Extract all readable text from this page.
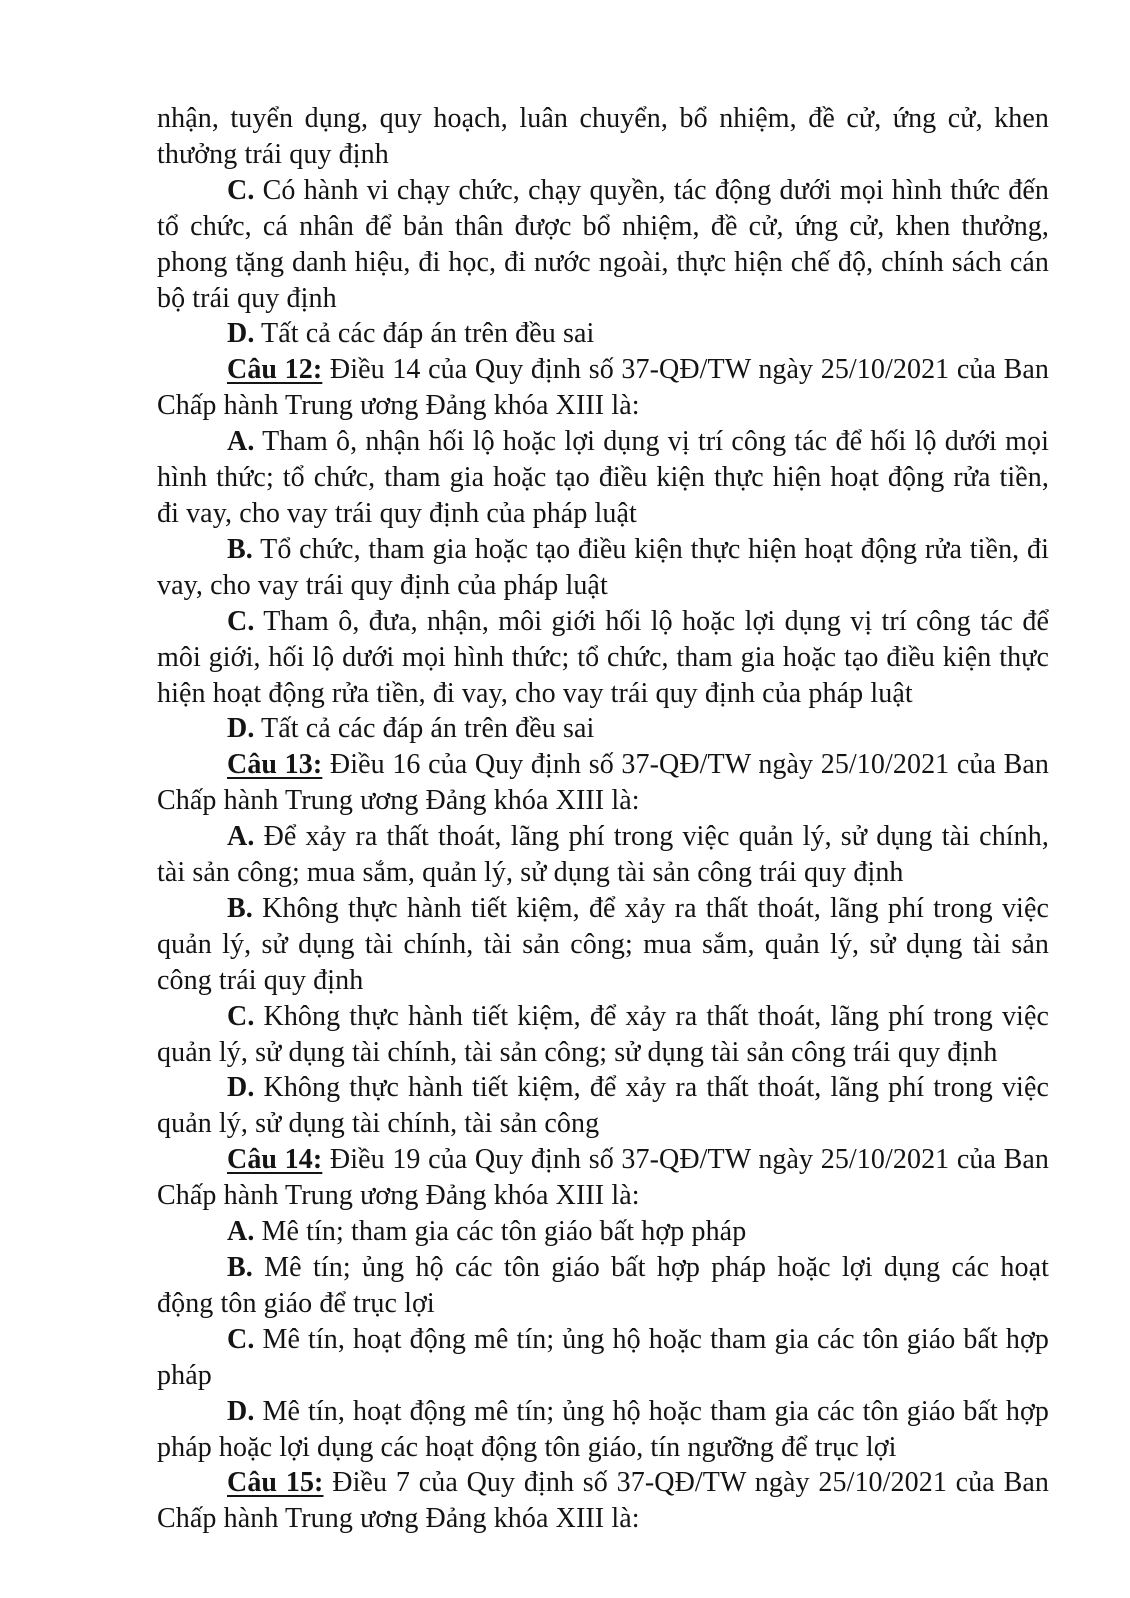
nhận, tuyển dụng, quy hoạch, luân chuyển, bổ nhiệm, đề cử, ứng cử, khen thưởng trái quy định

C. Có hành vi chạy chức, chạy quyền, tác động dưới mọi hình thức đến tổ chức, cá nhân để bản thân được bổ nhiệm, đề cử, ứng cử, khen thưởng, phong tặng danh hiệu, đi học, đi nước ngoài, thực hiện chế độ, chính sách cán bộ trái quy định

D. Tất cả các đáp án trên đều sai

Câu 12: Điều 14 của Quy định số 37-QĐ/TW ngày 25/10/2021 của Ban Chấp hành Trung ương Đảng khóa XIII là:

A. Tham ô, nhận hối lộ hoặc lợi dụng vị trí công tác để hối lộ dưới mọi hình thức; tổ chức, tham gia hoặc tạo điều kiện thực hiện hoạt động rửa tiền, đi vay, cho vay trái quy định của pháp luật

B. Tổ chức, tham gia hoặc tạo điều kiện thực hiện hoạt động rửa tiền, đi vay, cho vay trái quy định của pháp luật

C. Tham ô, đưa, nhận, môi giới hối lộ hoặc lợi dụng vị trí công tác để môi giới, hối lộ dưới mọi hình thức; tổ chức, tham gia hoặc tạo điều kiện thực hiện hoạt động rửa tiền, đi vay, cho vay trái quy định của pháp luật

D. Tất cả các đáp án trên đều sai

Câu 13: Điều 16 của Quy định số 37-QĐ/TW ngày 25/10/2021 của Ban Chấp hành Trung ương Đảng khóa XIII là:

A. Để xảy ra thất thoát, lãng phí trong việc quản lý, sử dụng tài chính, tài sản công; mua sắm, quản lý, sử dụng tài sản công trái quy định

B. Không thực hành tiết kiệm, để xảy ra thất thoát, lãng phí trong việc quản lý, sử dụng tài chính, tài sản công; mua sắm, quản lý, sử dụng tài sản công trái quy định

C. Không thực hành tiết kiệm, để xảy ra thất thoát, lãng phí trong việc quản lý, sử dụng tài chính, tài sản công; sử dụng tài sản công trái quy định

D. Không thực hành tiết kiệm, để xảy ra thất thoát, lãng phí trong việc quản lý, sử dụng tài chính, tài sản công

Câu 14: Điều 19 của Quy định số 37-QĐ/TW ngày 25/10/2021 của Ban Chấp hành Trung ương Đảng khóa XIII là:

A. Mê tín; tham gia các tôn giáo bất hợp pháp

B. Mê tín; ủng hộ các tôn giáo bất hợp pháp hoặc lợi dụng các hoạt động tôn giáo để trục lợi

C. Mê tín, hoạt động mê tín; ủng hộ hoặc tham gia các tôn giáo bất hợp pháp

D. Mê tín, hoạt động mê tín; ủng hộ hoặc tham gia các tôn giáo bất hợp pháp hoặc lợi dụng các hoạt động tôn giáo, tín ngưỡng để trục lợi

Câu 15: Điều 7 của Quy định số 37-QĐ/TW ngày 25/10/2021 của Ban Chấp hành Trung ương Đảng khóa XIII là:
